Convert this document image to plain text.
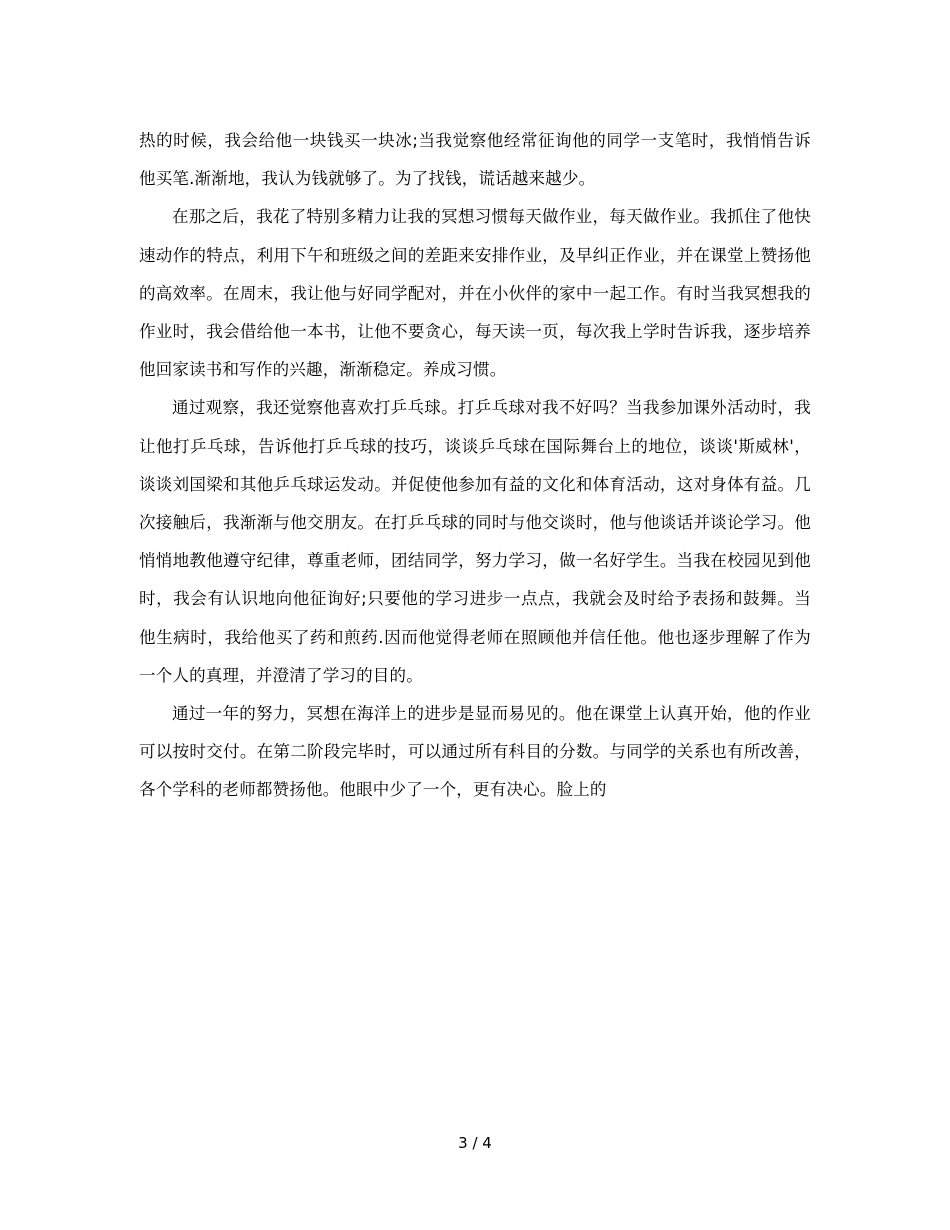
热的时候，我会给他一块钱买一块冰;当我觉察他经常征询他的同学一支笔时，我悄悄告诉他买笔.渐渐地，我认为钱就够了。为了找钱，谎话越来越少。

在那之后，我花了特别多精力让我的冥想习惯每天做作业，每天做作业。我抓住了他快速动作的特点，利用下午和班级之间的差距来安排作业，及早纠正作业，并在课堂上赞扬他的高效率。在周末，我让他与好同学配对，并在小伙伴的家中一起工作。有时当我冥想我的作业时，我会借给他一本书，让他不要贪心，每天读一页，每次我上学时告诉我，逐步培养他回家读书和写作的兴趣，渐渐稳定。养成习惯。

通过观察，我还觉察他喜欢打乒乓球。打乒乓球对我不好吗？当我参加课外活动时，我让他打乒乓球，告诉他打乒乓球的技巧，谈谈乒乓球在国际舞台上的地位，谈谈'斯威林'，谈谈刘国梁和其他乒乓球运发动。并促使他参加有益的文化和体育活动，这对身体有益。几次接触后，我渐渐与他交朋友。在打乒乓球的同时与他交谈时，他与他谈话并谈论学习。他悄悄地教他遵守纪律，尊重老师，团结同学，努力学习，做一名好学生。当我在校园见到他时，我会有认识地向他征询好;只要他的学习进步一点点，我就会及时给予表扬和鼓舞。当他生病时，我给他买了药和煎药.因而他觉得老师在照顾他并信任他。他也逐步理解了作为一个人的真理，并澄清了学习的目的。

通过一年的努力，冥想在海洋上的进步是显而易见的。他在课堂上认真开始，他的作业可以按时交付。在第二阶段完毕时，可以通过所有科目的分数。与同学的关系也有所改善，各个学科的老师都赞扬他。他眼中少了一个，更有决心。脸上的

3 / 4
